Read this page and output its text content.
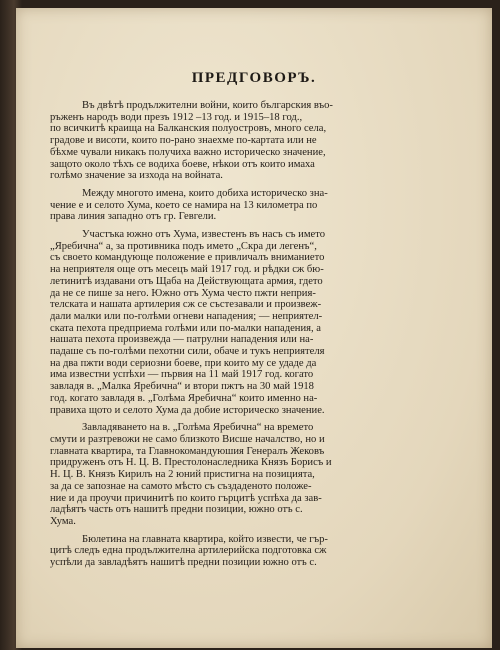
ПРЕДГОВОРЪ.
Въ двѣтѣ продължителни войни, които българския въо-
ръженъ народъ води презъ 1912 –13 год. и 1915–18 год.,
по всичкитѣ краища на Балканския полуостровъ, много села,
градове и висоти, които по-рано знаехме по-картата или не
бѣхме чували никакъ получиха важно историческо значение,
защото около тѣхъ се водиха боеве, нѣкои отъ които имаха
голѣмо значение за изхода на войната.
Между многото имена, които добиха историческо зна-
чение е и селото Хума, което се намира на 13 километра по
права линия западно отъ гр. Гевгели.
Участъка южно отъ Хума, известенъ въ насъ съ името
„Яребична“ а, за противника подъ името „Скра ди легенъ“,
съ своето командующе положение е привличалъ вниманието
на неприятеля още отъ месецъ май 1917 год. и рѣдки сж бю-
летинитѣ издавани отъ Щаба на Действующата армия, гдето
да не се пише за него. Южно отъ Хума често пжти неприя-
телската и нашата артилерия сж се състезавали и произвеж-
дали малки или по-голѣми огневи нападения; — неприятел-
ската пехота предприема голѣми или по-малки нападения, а
нашата пехота произвежда — патрулни нападения или на-
падаше съ по-голѣми пехотни сили, обаче и тукъ неприятеля
на два пжти води сериозни боеве, при които му се удаде да
има известни успѣхи — първия на 11 май 1917 год. когато
завладя в. „Малка Яребична“ и втори пжтъ на 30 май 1918
год. когато завладя в. „Голѣма Яребична“ които именно на-
правиха щото и селото Хума да добие историческо значение.
Завладяването на в. „Голѣма Яребична“ на времето
смути и разтревожи не само близкото Висше началство, но и
главната квартира, та Главнокомандуюшия Генералъ Жековъ
придруженъ отъ Н. Ц. В. Престолонаследника Князъ Борисъ и
Н. Ц. В. Князъ Кирилъ на 2 юний пристигна на позицията,
за да се запознае на самото мѣсто съ създаденото положе-
ние и да проучи причинитѣ по които гърцитѣ успѣха да зав-
ладѣятъ часть отъ нашитѣ предни позиции, южно отъ с.
Хума.
Бюлетина на главната квартира, който извести, че гър-
цитѣ следъ една продължителна артилерийска подготовка сж
успѣли да завладѣятъ нашитѣ предни позиции южно отъ с.
